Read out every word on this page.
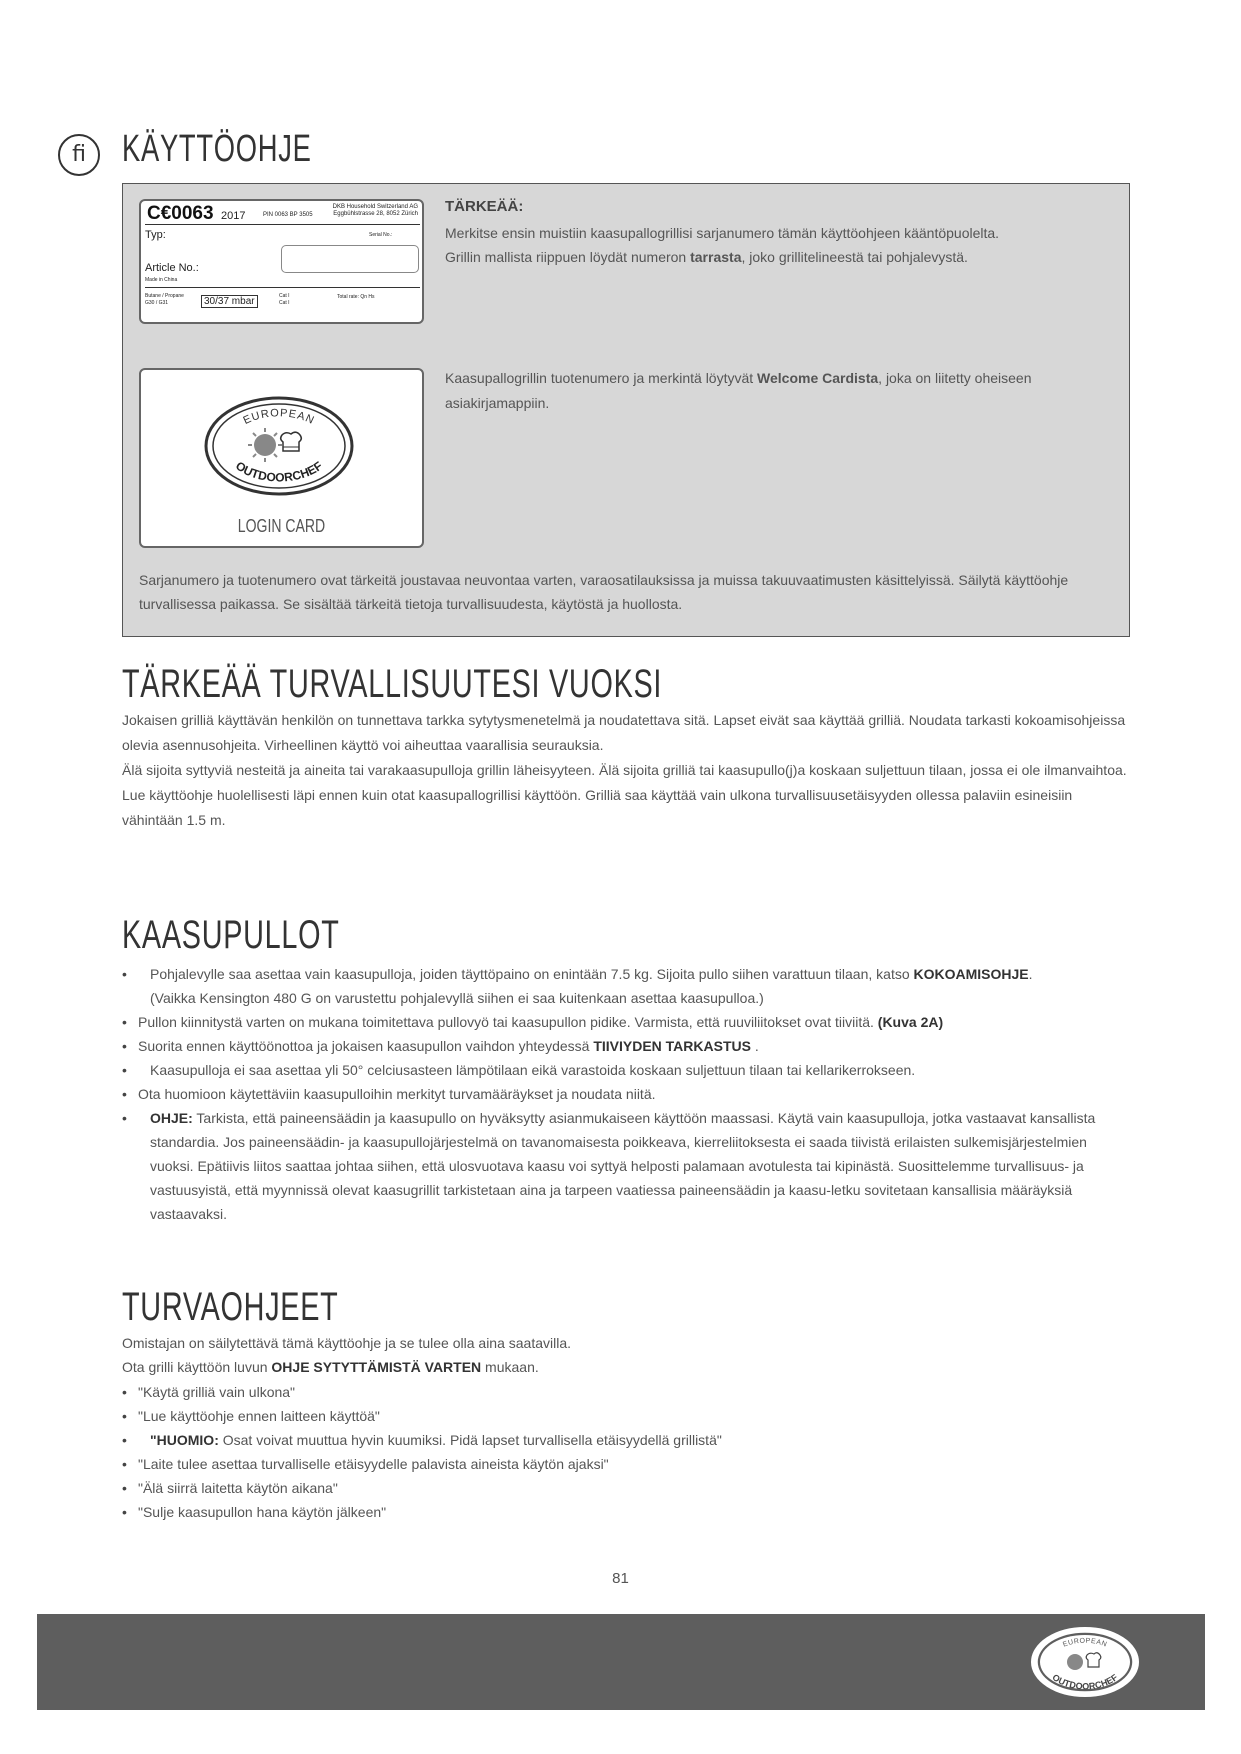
fi KÄYTTÖOHJE
C€0063 2017	PIN 0063 BP 3505
DKB Household Switzerland AG
Eggbühlstrasse 28, 8052 Zürich
Typ:	Serial No.:
Article No.:
Made in China
Butane / Propane
G30 / G31	30/37 mbar	Cat I
Cat I
Total rate: Qn Hs
TÄRKEÄÄ:
Merkitse ensin muistiin kaasupallogrillisi sarjanumero tämän käyttöohjeen kääntöpuolelta.
Grillin mallista riippuen löydät numeron tarrasta, joko grillitelineestä tai pohjalevystä.
EUROPEAN
OUTDOORCHEF
LOGIN CARD
Kaasupallogrillin tuotenumero ja merkintä löytyvät Welcome Cardista, joka on liitetty oheiseen asiakirjamappiin.
Sarjanumero ja tuotenumero ovat tärkeitä joustavaa neuvontaa varten, varaosatilauksissa ja muissa takuuvaatimusten käsittelyissä. Säilytä käyttöohje turvallisessa paikassa. Se sisältää tärkeitä tietoja turvallisuudesta, käytöstä ja huollosta.
TÄRKEÄÄ TURVALLISUUTESI VUOKSI
Jokaisen grilliä käyttävän henkilön on tunnettava tarkka sytytysmenetelmä ja noudatettava sitä. Lapset eivät saa käyttää grilliä. Noudata tarkasti kokoamisohjeissa olevia asennusohjeita. Virheellinen käyttö voi aiheuttaa vaarallisia seurauksia.
Älä sijoita syttyviä nesteitä ja aineita tai varakaasupulloja grillin läheisyyteen. Älä sijoita grilliä tai kaasupullo(j)a koskaan suljettuun tilaan, jossa ei ole ilmanvaihtoa.
Lue käyttöohje huolellisesti läpi ennen kuin otat kaasupallogrillisi käyttöön. Grilliä saa käyttää vain ulkona turvallisuusetäisyyden ollessa palaviin esineisiin vähintään 1.5 m.
KAASUPULLOT
• Pohjalevylle saa asettaa vain kaasupulloja, joiden täyttöpaino on enintään 7.5 kg. Sijoita pullo siihen varattuun tilaan, katso KOKOAMISOHJE.
(Vaikka Kensington 480 G on varustettu pohjalevyllä siihen ei saa kuitenkaan asettaa kaasupulloa.)
• Pullon kiinnitystä varten on mukana toimitettava pullovyö tai kaasupullon pidike. Varmista, että ruuviliitokset ovat tiiviitä. (Kuva 2A)
• Suorita ennen käyttöönottoa ja jokaisen kaasupullon vaihdon yhteydessä TIIVIYDEN TARKASTUS .
• Kaasupulloja ei saa asettaa yli 50° celciusasteen lämpötilaan eikä varastoida koskaan suljettuun tilaan tai kellarikerrokseen.
• Ota huomioon käytettäviin kaasupulloihin merkityt turvamääräykset ja noudata niitä.
• OHJE: Tarkista, että paineensäädin ja kaasupullo on hyväksytty asianmukaiseen käyttöön maassasi. Käytä vain kaasupulloja, jotka vastaavat kansallista standardia. Jos paineensäädin- ja kaasupullojärjestelmä on tavanomaisesta poikkeava, kierreliitoksesta ei saada tiivistä erilaisten sulkemisjärjestelmien vuoksi. Epätiivis liitos saattaa johtaa siihen, että ulosvuotava kaasu voi syttyä helposti palamaan avotulesta tai kipinästä. Suosittelemme turvallisuus- ja vastuusyistä, että myynnissä olevat kaasugrillit tarkistetaan aina ja tarpeen vaatiessa paineensäädin ja kaasu-letku sovitetaan kansallisia määräyksiä vastaavaksi.
TURVAOHJEET
Omistajan on säilytettävä tämä käyttöohje ja se tulee olla aina saatavilla.
Ota grilli käyttöön luvun OHJE SYTYTTÄMISTÄ VARTEN mukaan.
• "Käytä grilliä vain ulkona"
• "Lue käyttöohje ennen laitteen käyttöä"
• "HUOMIO: Osat voivat muuttua hyvin kuumiksi. Pidä lapset turvallisella etäisyydellä grillistä"
• "Laite tulee asettaa turvalliselle etäisyydelle palavista aineista käytön ajaksi"
• "Älä siirrä laitetta käytön aikana"
• "Sulje kaasupullon hana käytön jälkeen"
81
EUROPEAN
OUTDOORCHEF
